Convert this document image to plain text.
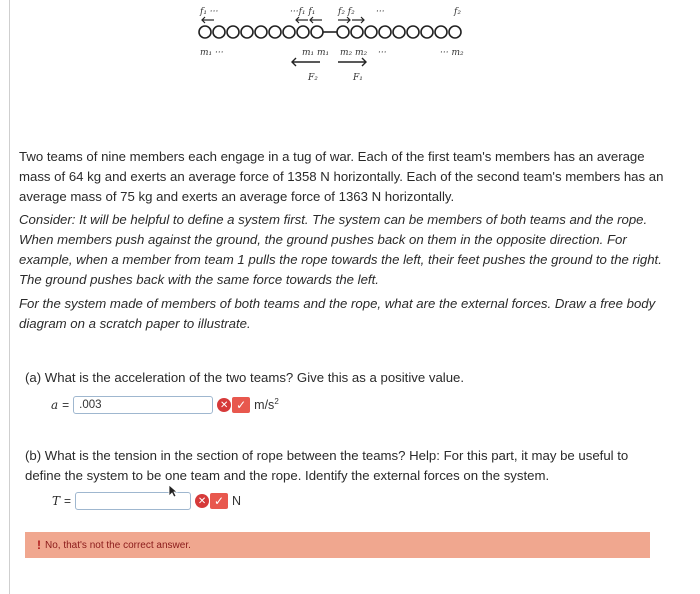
f₁ ···	···f₁ f₁	f₂ f₂ ···	f₂
m₁ ···	m₁ m₁ m₂ m₂ ···	··· m₂
F₂	F₁
Two teams of nine members each engage in a tug of war. Each of the first team's members has an average mass of 64 kg and exerts an average force of 1358 N horizontally. Each of the second team's members has an average mass of 75 kg and exerts an average force of 1363 N horizontally.
Consider: It will be helpful to define a system first. The system can be members of both teams and the rope. When members push against the ground, the ground pushes back on them in the opposite direction. For example, when a member from team 1 pulls the rope towards the left, their feet pushes the ground to the right. The ground pushes back with the same force towards the left.
For the system made of members of both teams and the rope, what are the external forces. Draw a free body diagram on a scratch paper to illustrate.
(a) What is the acceleration of the two teams? Give this as a positive value.
a =
.003	✕ ✓ $m/s^2$
(b) What is the tension in the section of rope between the teams? Help: For this part, it may be useful to define the system to be one team and the rope. Identify the external forces on the system.
T =	✕ ✓ N
! No, that's not the correct answer.
